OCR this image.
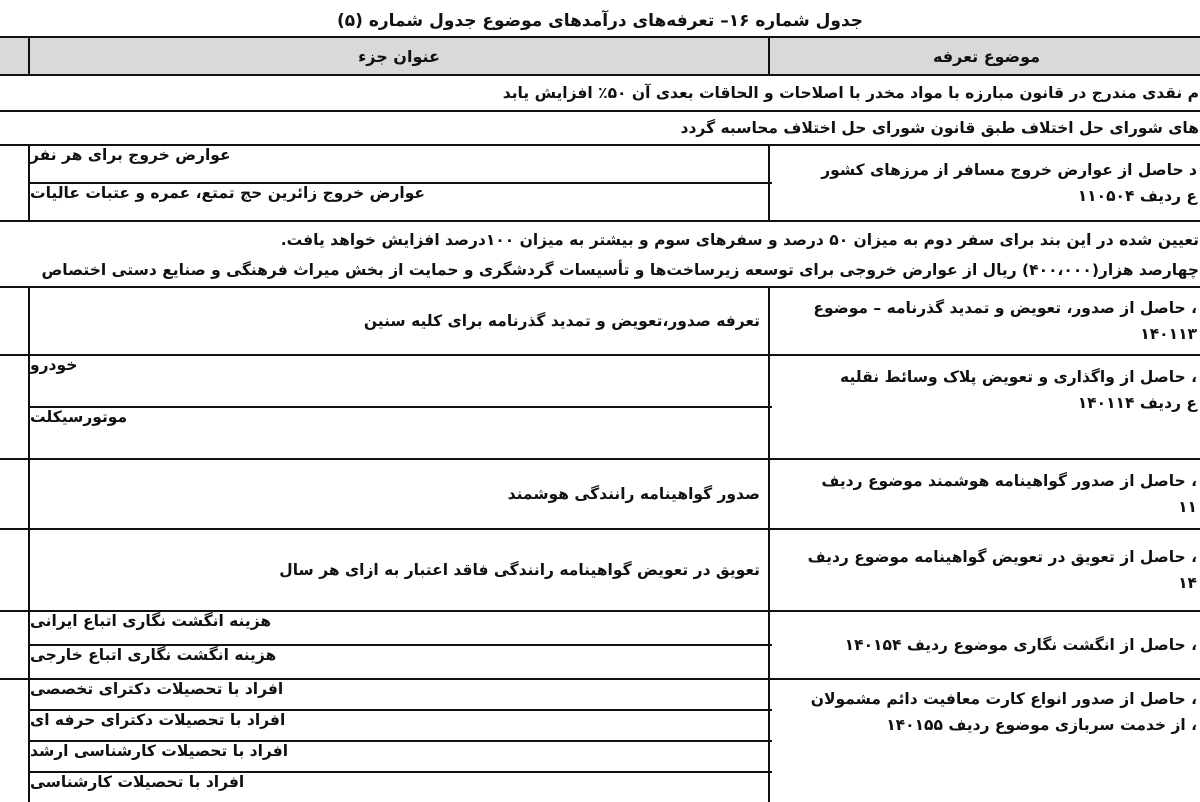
جدول شماره ۱۶– تعرفه‌های درآمدهای موضوع جدول شماره (۵)
موضوع تعرفه
عنوان جزء
م نقدی مندرج در قانون مبارزه با مواد مخدر با اصلاحات و الحاقات بعدی آن ۵۰٪ افزایش یابد
های شورای حل اختلاف طبق قانون شورای حل اختلاف محاسبه گردد
د حاصل از عوارض خروج مسافر از مرزهای کشور
ع ردیف ۱۱۰۵۰۴
عوارض خروج برای هر نفر
عوارض خروج زائرین حج تمتع، عمره و عتبات عالیات
تعیین شده در این بند برای سفر دوم به میزان ۵۰ درصد و سفرهای سوم و بیشتر به میزان ۱۰۰درصد افزایش خواهد یافت.
چهارصد هزار(۴۰۰،۰۰۰) ریال از عوارض خروجی برای توسعه زیرساخت‌ها و تأسیسات گردشگری و حمایت از بخش میراث فرهنگی و صنایع دستی اختصاص
، حاصل از صدور، تعویض و تمدید گذرنامه – موضوع
۱۴۰۱۱۳
تعرفه صدور،تعویض و تمدید گذرنامه برای کلیه سنین
، حاصل از واگذاری و تعویض پلاک وسائط نقلیه
ع ردیف ۱۴۰۱۱۴
خودرو
موتورسیکلت
، حاصل از صدور گواهینامه هوشمند موضوع ردیف
۱۱
صدور گواهینامه رانندگی هوشمند
، حاصل از تعویق در تعویض گواهینامه موضوع ردیف
۱۴
تعویق در تعویض گواهینامه رانندگی فاقد اعتبار به ازای هر سال
، حاصل از انگشت نگاری موضوع ردیف ۱۴۰۱۵۴
هزینه انگشت نگاری اتباع ایرانی
هزینه انگشت نگاری اتباع خارجی
، حاصل از صدور انواع کارت معافیت دائم مشمولان
، از خدمت سربازی موضوع ردیف ۱۴۰۱۵۵
افراد با تحصیلات دکترای تخصصی
افراد با تحصیلات دکترای حرفه ای
افراد با تحصیلات کارشناسی ارشد
افراد با تحصیلات کارشناسی
